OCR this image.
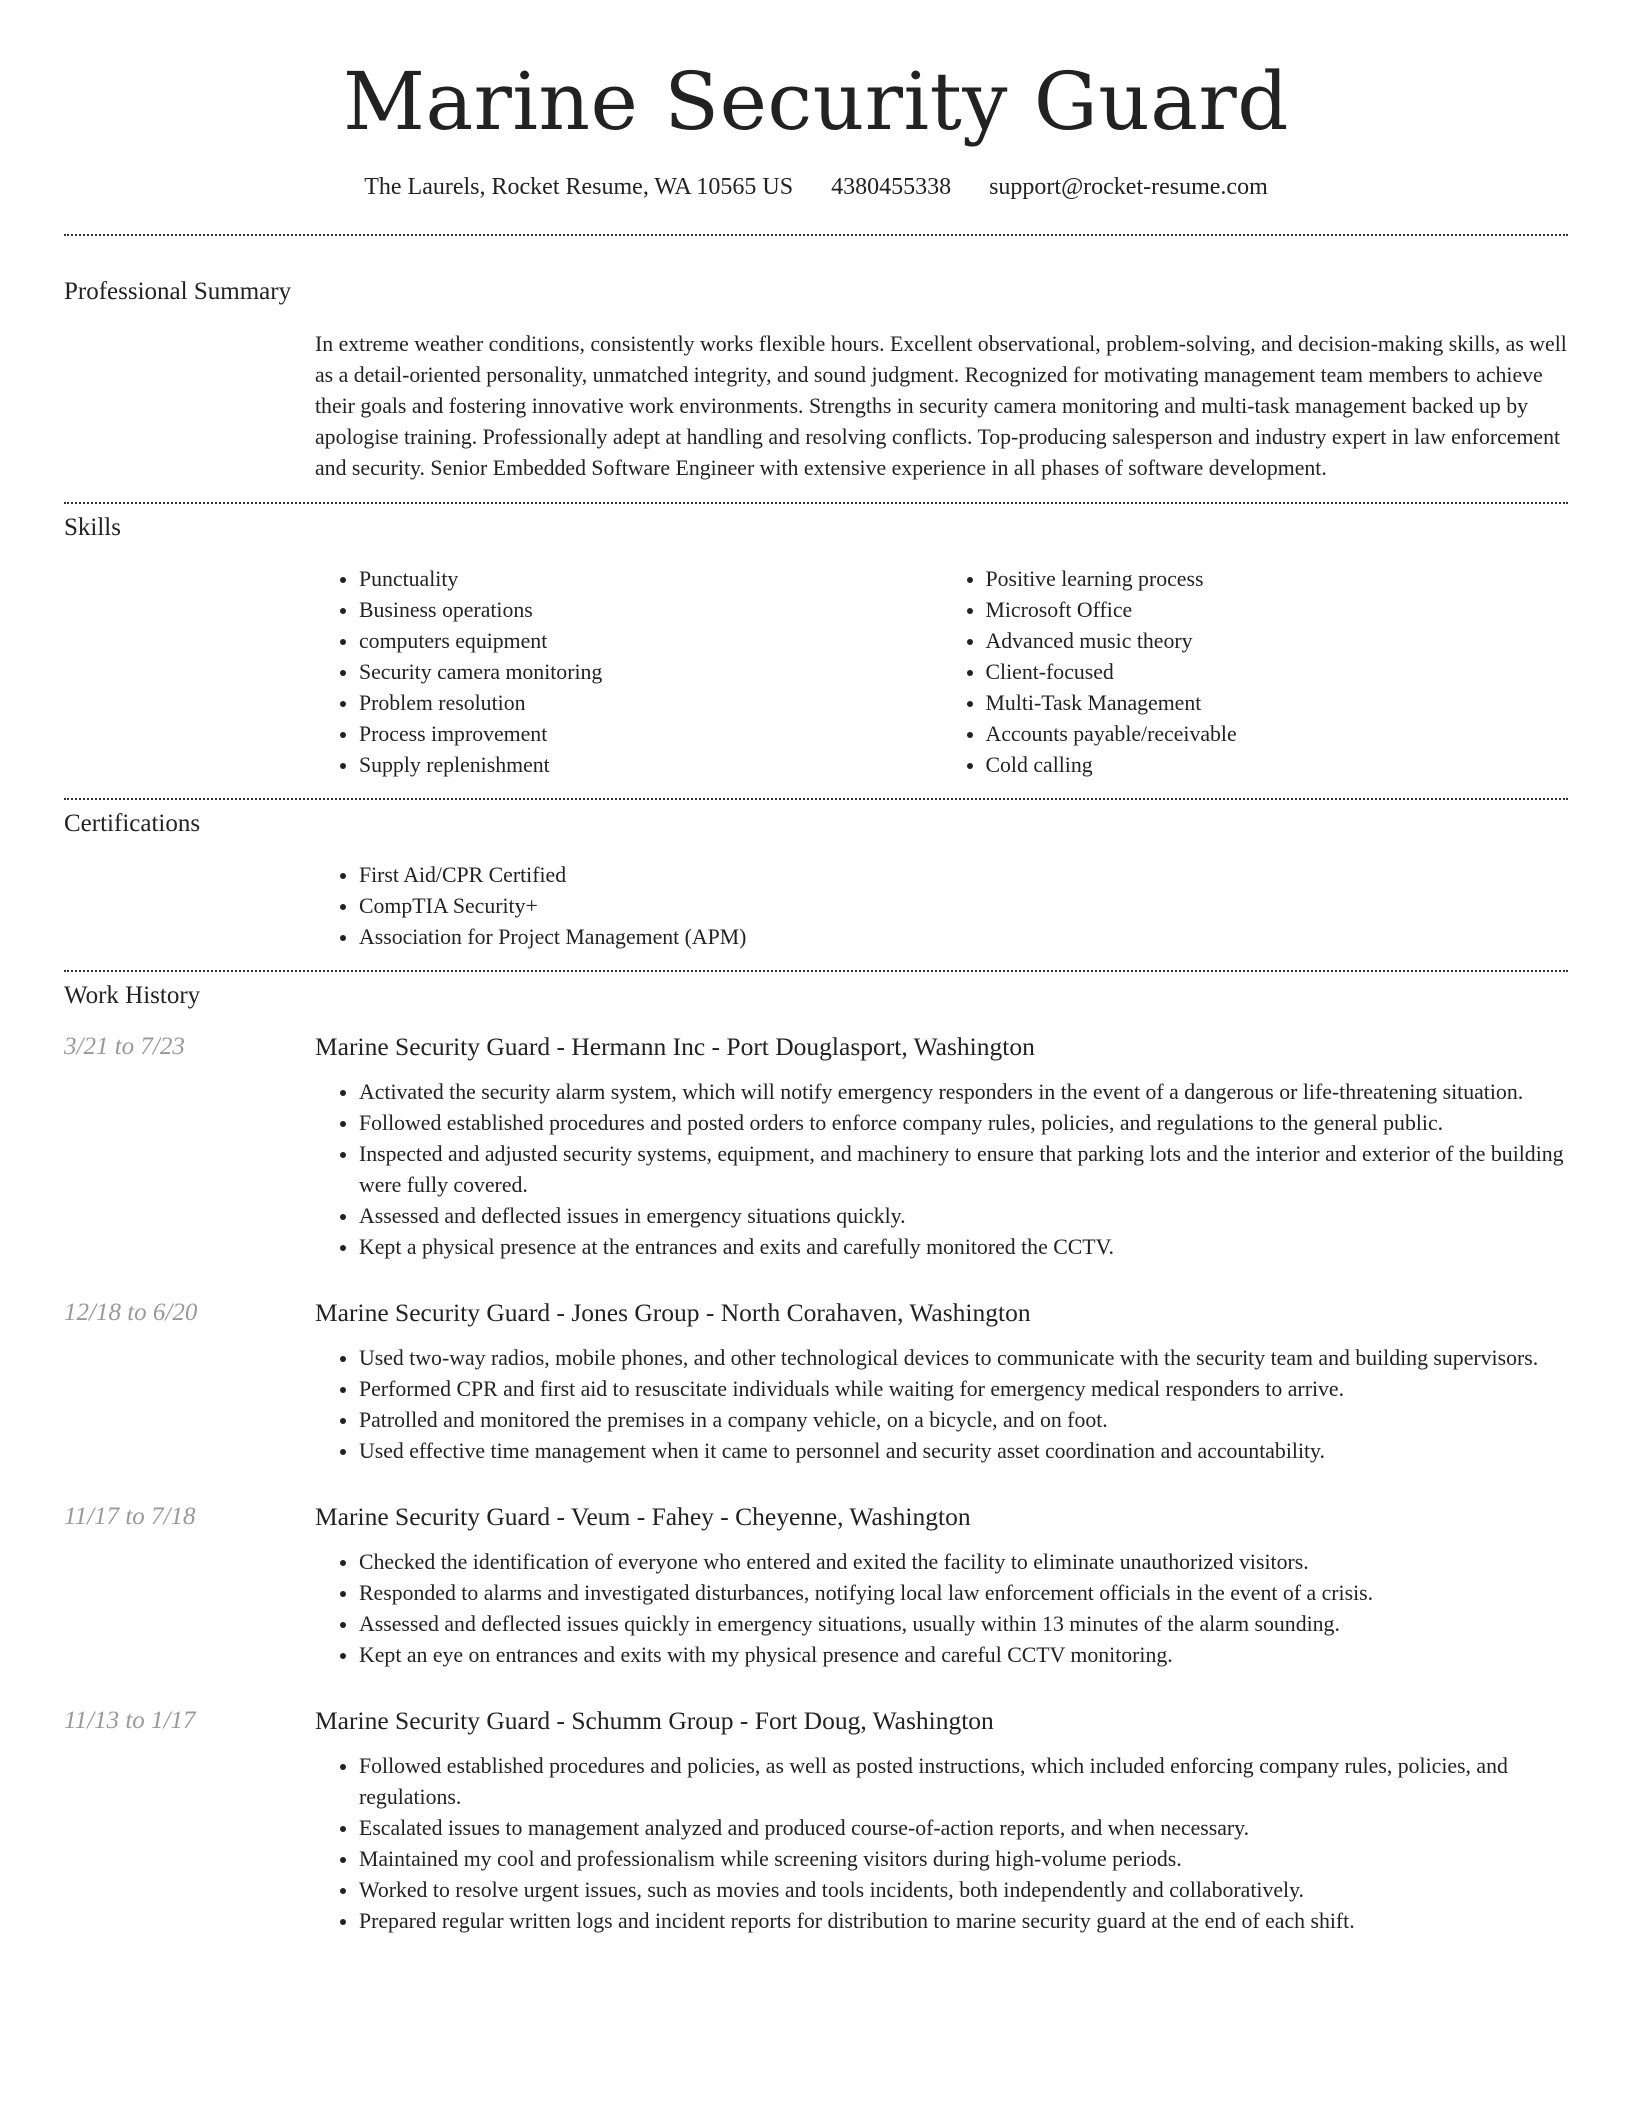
Marine Security Guard
The Laurels, Rocket Resume, WA 10565 US 4380455338 support@rocket-resume.com
Professional Summary
In extreme weather conditions, consistently works flexible hours. Excellent observational, problem-solving, and decision-making skills, as well as a detail-oriented personality, unmatched integrity, and sound judgment. Recognized for motivating management team members to achieve their goals and fostering innovative work environments. Strengths in security camera monitoring and multi-task management backed up by apologise training. Professionally adept at handling and resolving conflicts. Top-producing salesperson and industry expert in law enforcement and security. Senior Embedded Software Engineer with extensive experience in all phases of software development.
Skills
• Punctuality
• Business operations
• computers equipment
• Security camera monitoring
• Problem resolution
• Process improvement
• Supply replenishment
• Positive learning process
• Microsoft Office
• Advanced music theory
• Client-focused
• Multi-Task Management
• Accounts payable/receivable
• Cold calling
Certifications
• First Aid/CPR Certified
• CompTIA Security+
• Association for Project Management (APM)
Work History
3/21 to 7/23	Marine Security Guard - Hermann Inc - Port Douglasport, Washington
• Activated the security alarm system, which will notify emergency responders in the event of a dangerous or life-threatening situation.
• Followed established procedures and posted orders to enforce company rules, policies, and regulations to the general public.
• Inspected and adjusted security systems, equipment, and machinery to ensure that parking lots and the interior and exterior of the building were fully covered.
• Assessed and deflected issues in emergency situations quickly.
• Kept a physical presence at the entrances and exits and carefully monitored the CCTV.
12/18 to 6/20	Marine Security Guard - Jones Group - North Corahaven, Washington
• Used two-way radios, mobile phones, and other technological devices to communicate with the security team and building supervisors.
• Performed CPR and first aid to resuscitate individuals while waiting for emergency medical responders to arrive.
• Patrolled and monitored the premises in a company vehicle, on a bicycle, and on foot.
• Used effective time management when it came to personnel and security asset coordination and accountability.
11/17 to 7/18	Marine Security Guard - Veum - Fahey - Cheyenne, Washington
• Checked the identification of everyone who entered and exited the facility to eliminate unauthorized visitors.
• Responded to alarms and investigated disturbances, notifying local law enforcement officials in the event of a crisis.
• Assessed and deflected issues quickly in emergency situations, usually within 13 minutes of the alarm sounding.
• Kept an eye on entrances and exits with my physical presence and careful CCTV monitoring.
11/13 to 1/17	Marine Security Guard - Schumm Group - Fort Doug, Washington
• Followed established procedures and policies, as well as posted instructions, which included enforcing company rules, policies, and regulations.
• Escalated issues to management analyzed and produced course-of-action reports, and when necessary.
• Maintained my cool and professionalism while screening visitors during high-volume periods.
• Worked to resolve urgent issues, such as movies and tools incidents, both independently and collaboratively.
• Prepared regular written logs and incident reports for distribution to marine security guard at the end of each shift.
